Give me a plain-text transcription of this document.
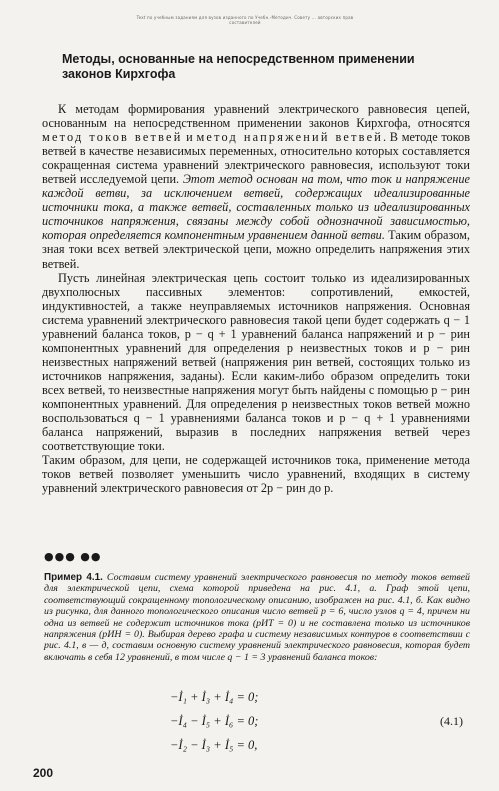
Text по учебным заданиям для вузов изданного по Учебн.-Методич. Совету ... авторских прав составителей
Методы, основанные на непосредственном применении законов Кирхгофа

К методам формирования уравнений электрического равновесия цепей, основанным на непосредственном применении законов Кирхгофа, относятся метод токов ветвей и метод напряжений ветвей. В методе токов ветвей в качестве независимых переменных, относительно которых составляется сокращенная система уравнений электрического равновесия, используют токи ветвей исследуемой цепи. Этот метод основан на том, что ток и напряжение каждой ветви, за исключением ветвей, содержащих идеализированные источники тока, а также ветвей, составленных только из идеализированных источников напряжения, связаны между собой однозначной зависимостью, которая определяется компонентным уравнением данной ветви. Таким образом, зная токи всех ветвей электрической цепи, можно определить напряжения этих ветвей.

Пусть линейная электрическая цепь состоит только из идеализированных двухполюсных пассивных элементов: сопротивлений, емкостей, индуктивностей, а также неуправляемых источников напряжения. Основная система уравнений электрического равновесия такой цепи будет содержать q − 1 уравнений баланса токов, p − q + 1 уравнений баланса напряжений и p − pин компонентных уравнений для определения p неизвестных токов и p − pин неизвестных напряжений ветвей (напряжения pин ветвей, состоящих только из источников напряжения, заданы). Если каким-либо образом определить токи всех ветвей, то неизвестные напряжения могут быть найдены с помощью p − pин компонентных уравнений. Для определения p неизвестных токов ветвей можно воспользоваться q − 1 уравнениями баланса токов и p − q + 1 уравнениями баланса напряжений, выразив в последних напряжения ветвей через соответствующие токи.

Таким образом, для цепи, не содержащей источников тока, применение метода токов ветвей позволяет уменьшить число уравнений, входящих в систему уравнений электрического равновесия от 2p − pин до p.

●●● ●●
Пример 4.1. Составим систему уравнений электрического равновесия по методу токов ветвей для электрической цепи, схема которой приведена на рис. 4.1, а. Граф этой цепи, соответствующий сокращенному топологическому описанию, изображен на рис. 4.1, б. Как видно из рисунка, для данного топологического описания число ветвей p = 6, число узлов q = 4, причем ни одна из ветвей не содержит источников тока (pИТ = 0) и не составлена только из источников напряжения (pИН = 0). Выбирая дерево графа и систему независимых контуров в соответствии с рис. 4.1, в — д, составим основную систему уравнений электрического равновесия, которая будет включать в себя 12 уравнений, в том числе q − 1 = 3 уравнений баланса токов:
−İ₁ + İ₃ + İ₄ = 0;
−İ₄ − İ₅ + İ₆ = 0;
−İ₂ − İ₃ + İ₅ = 0,
(4.1)
200
